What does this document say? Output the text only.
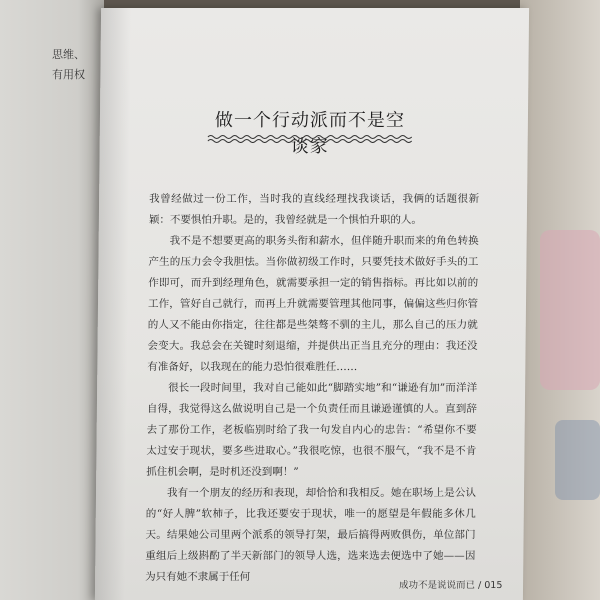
思维、
有用权
做一个行动派而不是空谈家
我曾经做过一份工作，当时我的直线经理找我谈话，我俩的话题很新颖：不要惧怕升职。是的，我曾经就是一个惧怕升职的人。
我不是不想要更高的职务头衔和薪水，但伴随升职而来的角色转换产生的压力会令我胆怯。当你做初级工作时，只要凭技术做好手头的工作即可，而升到经理角色，就需要承担一定的销售指标。再比如以前的工作，管好自己就行，而再上升就需要管理其他同事，偏偏这些归你管的人又不能由你指定，往往都是些桀骜不驯的主儿，那么自己的压力就会变大。我总会在关键时刻退缩，并提供出正当且充分的理由：我还没有准备好，以我现在的能力恐怕很难胜任……
很长一段时间里，我对自己能如此“脚踏实地”和“谦逊有加”而洋洋自得，我觉得这么做说明自己是一个负责任而且谦逊谨慎的人。直到辞去了那份工作，老板临别时给了我一句发自内心的忠告：“希望你不要太过安于现状，要多些进取心。”我很吃惊，也很不服气，“我不是不肯抓住机会啊，是时机还没到啊！”
我有一个朋友的经历和表现，却恰恰和我相反。她在职场上是公认的“好人脾”软柿子，比我还要安于现状，唯一的愿望是年假能多休几天。结果她公司里两个派系的领导打架，最后搞得两败俱伤，单位部门重组后上级斟酌了半天新部门的领导人选，选来选去便选中了她——因为只有她不隶属于任何
成功不是说说而已 / 015
